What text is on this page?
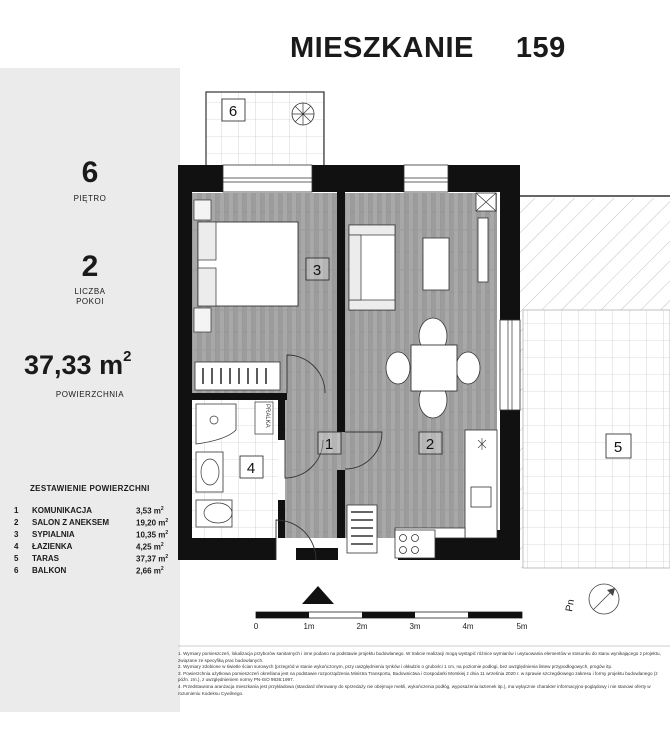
MIESZKANIE 159
6
PIĘTRO
2
LICZBA
POKOI
37,33 $m^2$
POWIERZCHNIA
ZESTAWIENIE POWIERZCHNI
1 KOMUNIKACJA	3,53 $m^2$
2 SALON Z ANEKSEM	19,20 $m^2$
3 SYPIALNIA	10,35 $m^2$
4 ŁAZIENKA	4,25 $m^2$
5 TARAS	37,37 $m^2$
6 BALKON	2,66 $m^2$
PRALKA
3
2
1
4
5
6
0	1m	2m	3m	4m	5m
Pn
1. Wymiary pomieszczeń, lokalizacja przyborów sanitarnych i inne podano na podstawie projektu budowlanego. W trakcie realizacji mogą wystąpić różnice wymiarów i usytuowania elementów w stosunku do stanu wynikającego z projektu, związane ze specyfiką prac budowlanych.
2. Wymiary zdobione w świetle ścian surowych (przegród w stanie wykończonym, przy uwzględnieniu tynków i okładzin o grubości 1 cm, na poziomie podłogi, bez uwzględnienia listew przypodłogowych, progów itp.
3. Powierzchnia użytkowa pomieszczeń określana jest na podstawie rozporządzenia Ministra Transportu, Budownictwa i Gospodarki Morskiej z dnia 11 września 2020 r. w sprawie szczegółowego zakresu i formy projektu budowlanego (z późn. zm.), z uwzględnieniem normy PN-ISO 9836:1997.
4. Przedstawiona aranżacja mieszkania jest przykładowa (standard oferowany do sprzedaży nie obejmuje mebli, wykończenia podłóg, wyposażenia łazienek itp.), ma wyłącznie charakter informacyjno-poglądowy i nie stanowi oferty w rozumieniu Kodeksu Cywilnego.
